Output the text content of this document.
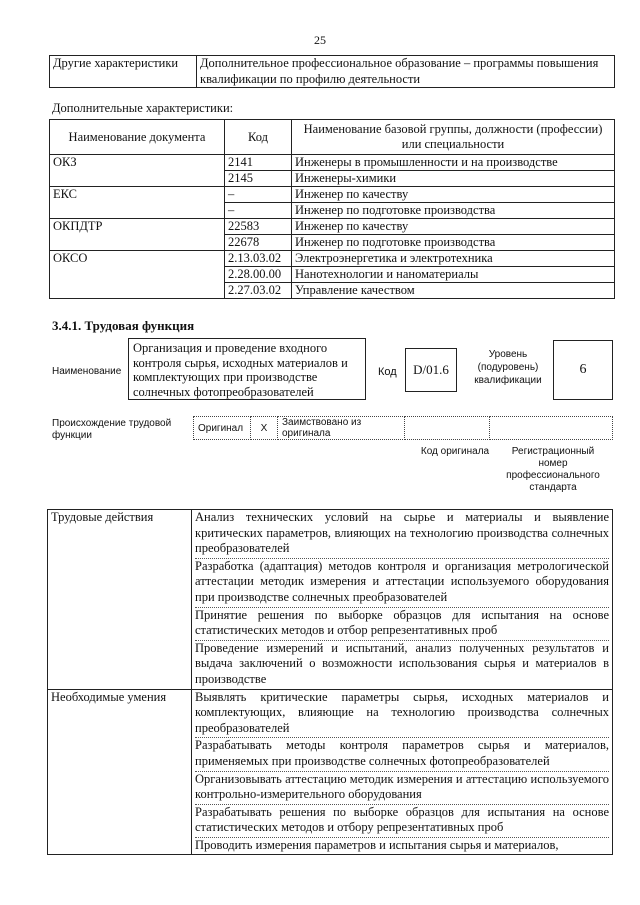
25
Другие характеристики	Дополнительное профессиональное образование – программы повышения квалификации по профилю деятельности
Дополнительные характеристики:
Наименование документа	Код	Наименование базовой группы, должности (профессии) или специальности
ОКЗ	2141	Инженеры в промышленности и на производстве
	2145	Инженеры-химики
ЕКС	–	Инженер по качеству
	–	Инженер по подготовке производства
ОКПДТР	22583	Инженер по качеству
	22678	Инженер по подготовке производства
ОКСО	2.13.03.02	Электроэнергетика и электротехника
	2.28.00.00	Нанотехнологии и наноматериалы
	2.27.03.02	Управление качеством
3.4.1. Трудовая функция
Наименование
Организация и проведение входного контроля сырья, исходных материалов и комплектующих при производстве солнечных фотопреобразователей
Код	D/01.6
Уровень (подуровень) квалификации
6
Происхождение трудовой функции
Оригинал	X	Заимствовано из оригинала		
Код оригинала	Регистрационный номер профессионального стандарта
Трудовые действия	Анализ технических условий на сырье и материалы и выявление критических параметров, влияющих на технологию производства солнечных преобразователей
Разработка (адаптация) методов контроля и организация метрологической аттестации методик измерения и аттестации используемого оборудования при производстве солнечных преобразователей
Принятие решения по выборке образцов для испытания на основе статистических методов и отбор репрезентативных проб
Проведение измерений и испытаний, анализ полученных результатов и выдача заключений о возможности использования сырья и материалов в производстве

Необходимые умения	Выявлять критические параметры сырья, исходных материалов и комплектующих, влияющие на технологию производства солнечных преобразователей
Разрабатывать методы контроля параметров сырья и материалов, применяемых при производстве солнечных фотопреобразователей
Организовывать аттестацию методик измерения и аттестацию используемого контрольно-измерительного оборудования
Разрабатывать решения по выборке образцов для испытания на основе статистических методов и отбору репрезентативных проб
Проводить измерения параметров и испытания сырья и материалов,
